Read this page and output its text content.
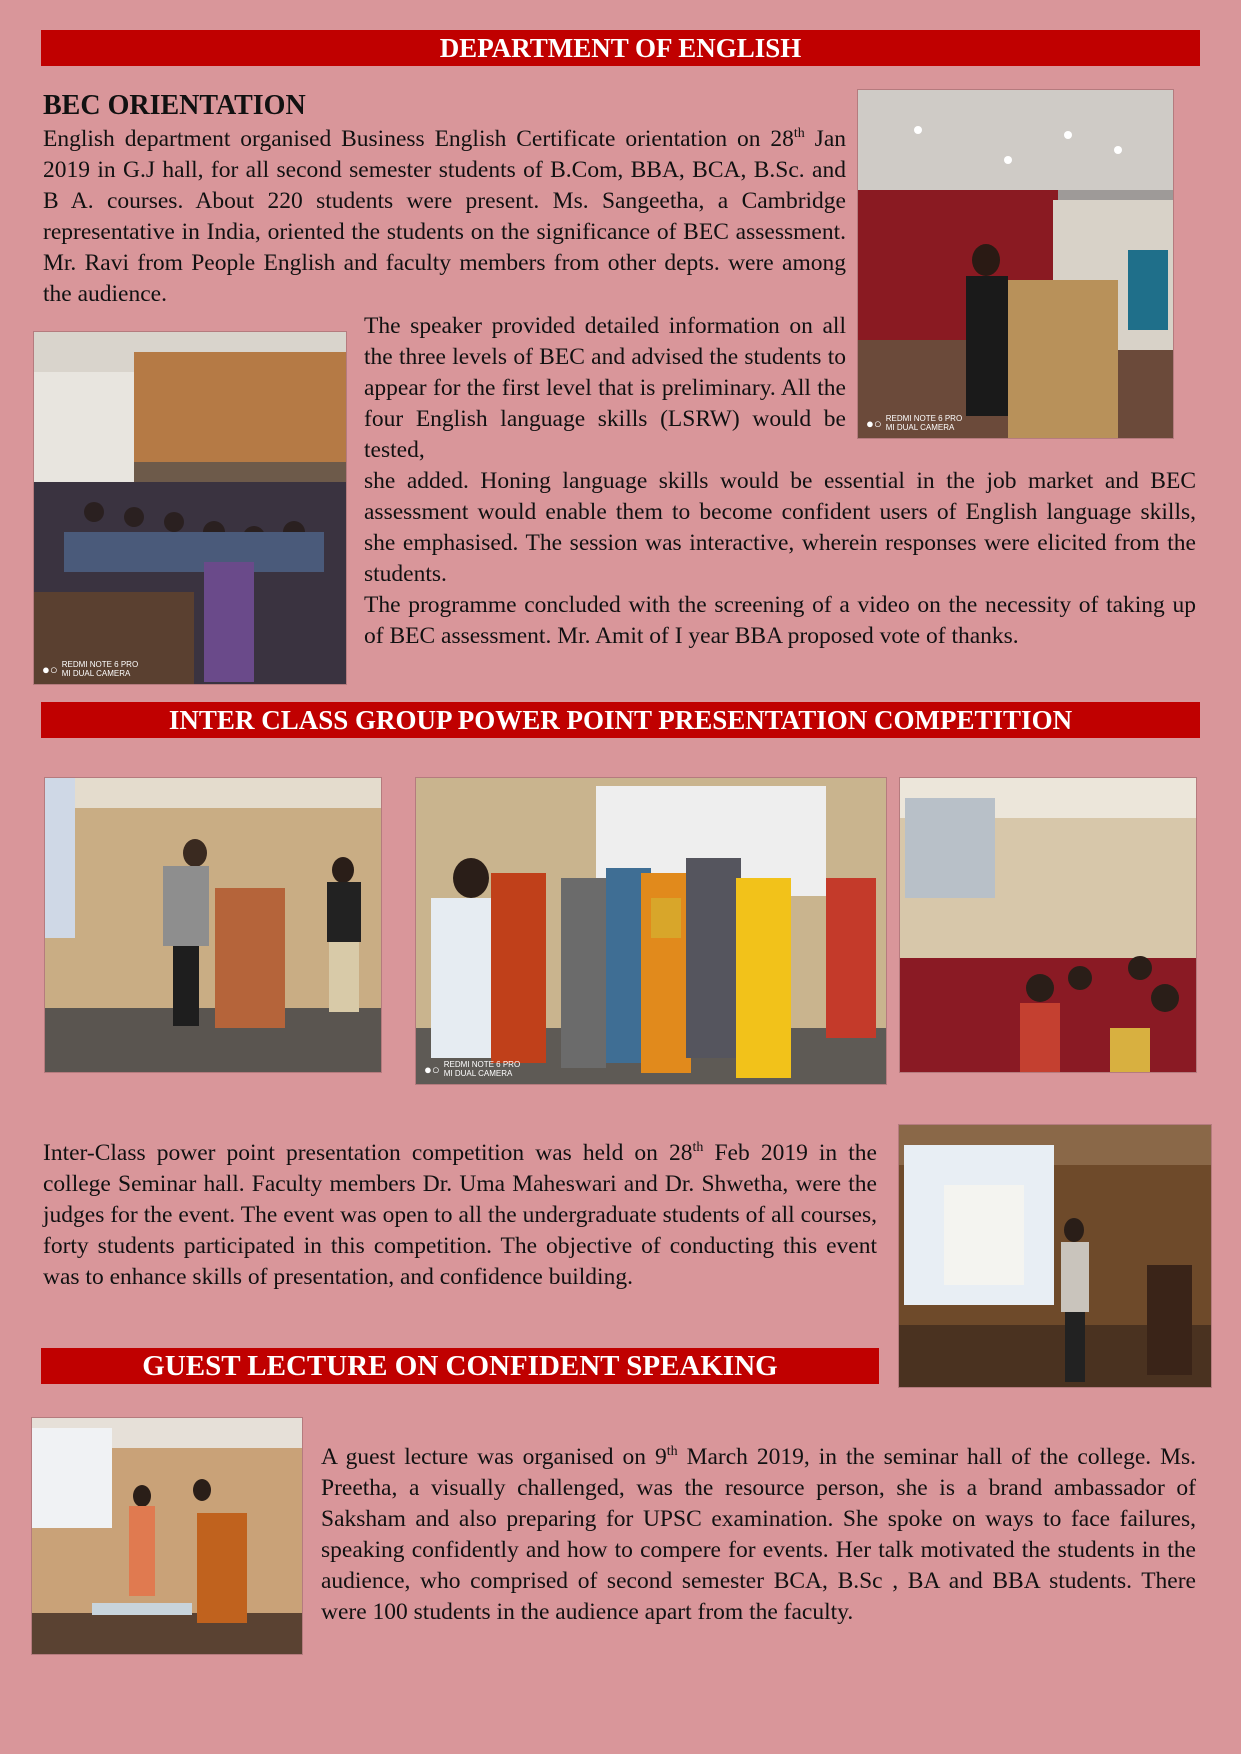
DEPARTMENT OF ENGLISH
BEC ORIENTATION

English department organised Business English Certificate orientation on 28th Jan 2019 in G.J hall, for all second semester students of B.Com, BBA, BCA, B.Sc. and B A. courses. About 220 students were present. Ms. Sangeetha, a Cambridge representative in India, oriented the students on the significance of BEC assessment. Mr. Ravi from People English and faculty members from other depts. were among the audience.

●○ REDMI NOTE 6 PRO
MI DUAL CAMERA
●○ REDMI NOTE 6 PRO
MI DUAL CAMERA

The speaker provided detailed information on all the three levels of BEC and advised the students to appear for the first level that is preliminary. All the four English language skills (LSRW) would be tested,

she added. Honing language skills would be essential in the job market and BEC assessment would enable them to become confident users of English language skills, she emphasised. The session was interactive, wherein responses were elicited from the students.

The programme concluded with the screening of a video on the necessity of taking up of BEC assessment. Mr. Amit of I year BBA proposed vote of thanks.

INTER CLASS GROUP POWER POINT PRESENTATION COMPETITION
●○ REDMI NOTE 6 PRO
MI DUAL CAMERA

Inter-Class power point presentation competition was held on 28th Feb 2019 in the college Seminar hall. Faculty members Dr. Uma Maheswari and Dr. Shwetha, were the judges for the event. The event was open to all the undergraduate students of all courses, forty students participated in this competition. The objective of conducting this event was to enhance skills of presentation, and confidence building.

GUEST LECTURE ON CONFIDENT SPEAKING

A guest lecture was organised on 9th March 2019, in the seminar hall of the college. Ms. Preetha, a visually challenged, was the resource person, she is a brand ambassador of Saksham and also preparing for UPSC examination. She spoke on ways to face failures, speaking confidently and how to compere for events. Her talk motivated the students in the audience, who comprised of second semester BCA, B.Sc , BA and BBA students. There were 100 students in the audience apart from the faculty.
